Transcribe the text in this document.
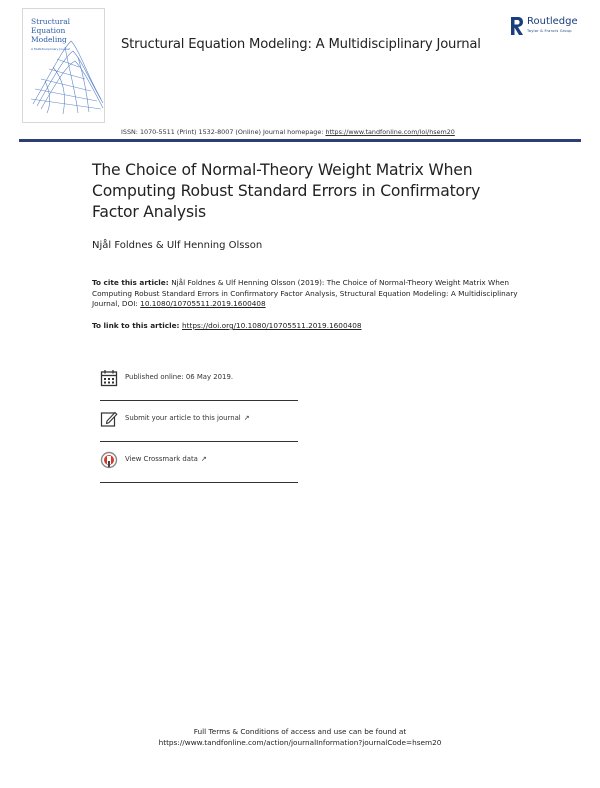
Structural
Equation
Modeling
A Multidisciplinary Journal	Structural Equation Modeling: A Multidisciplinary Journal
Routledge
Taylor & Francis Group
ISSN: 1070-5511 (Print) 1532-8007 (Online) Journal homepage: https://www.tandfonline.com/loi/hsem20
The Choice of Normal-Theory Weight Matrix When Computing Robust Standard Errors in Confirmatory Factor Analysis
Njål Foldnes & Ulf Henning Olsson
To cite this article: Njål Foldnes & Ulf Henning Olsson (2019): The Choice of Normal-Theory Weight Matrix When Computing Robust Standard Errors in Confirmatory Factor Analysis, Structural Equation Modeling: A Multidisciplinary Journal, DOI: 10.1080/10705511.2019.1600408
To link to this article: https://doi.org/10.1080/10705511.2019.1600408
Published online: 06 May 2019.
Submit your article to this journal ↗
View Crossmark data ↗
Full Terms & Conditions of access and use can be found at
https://www.tandfonline.com/action/journalInformation?journalCode=hsem20
